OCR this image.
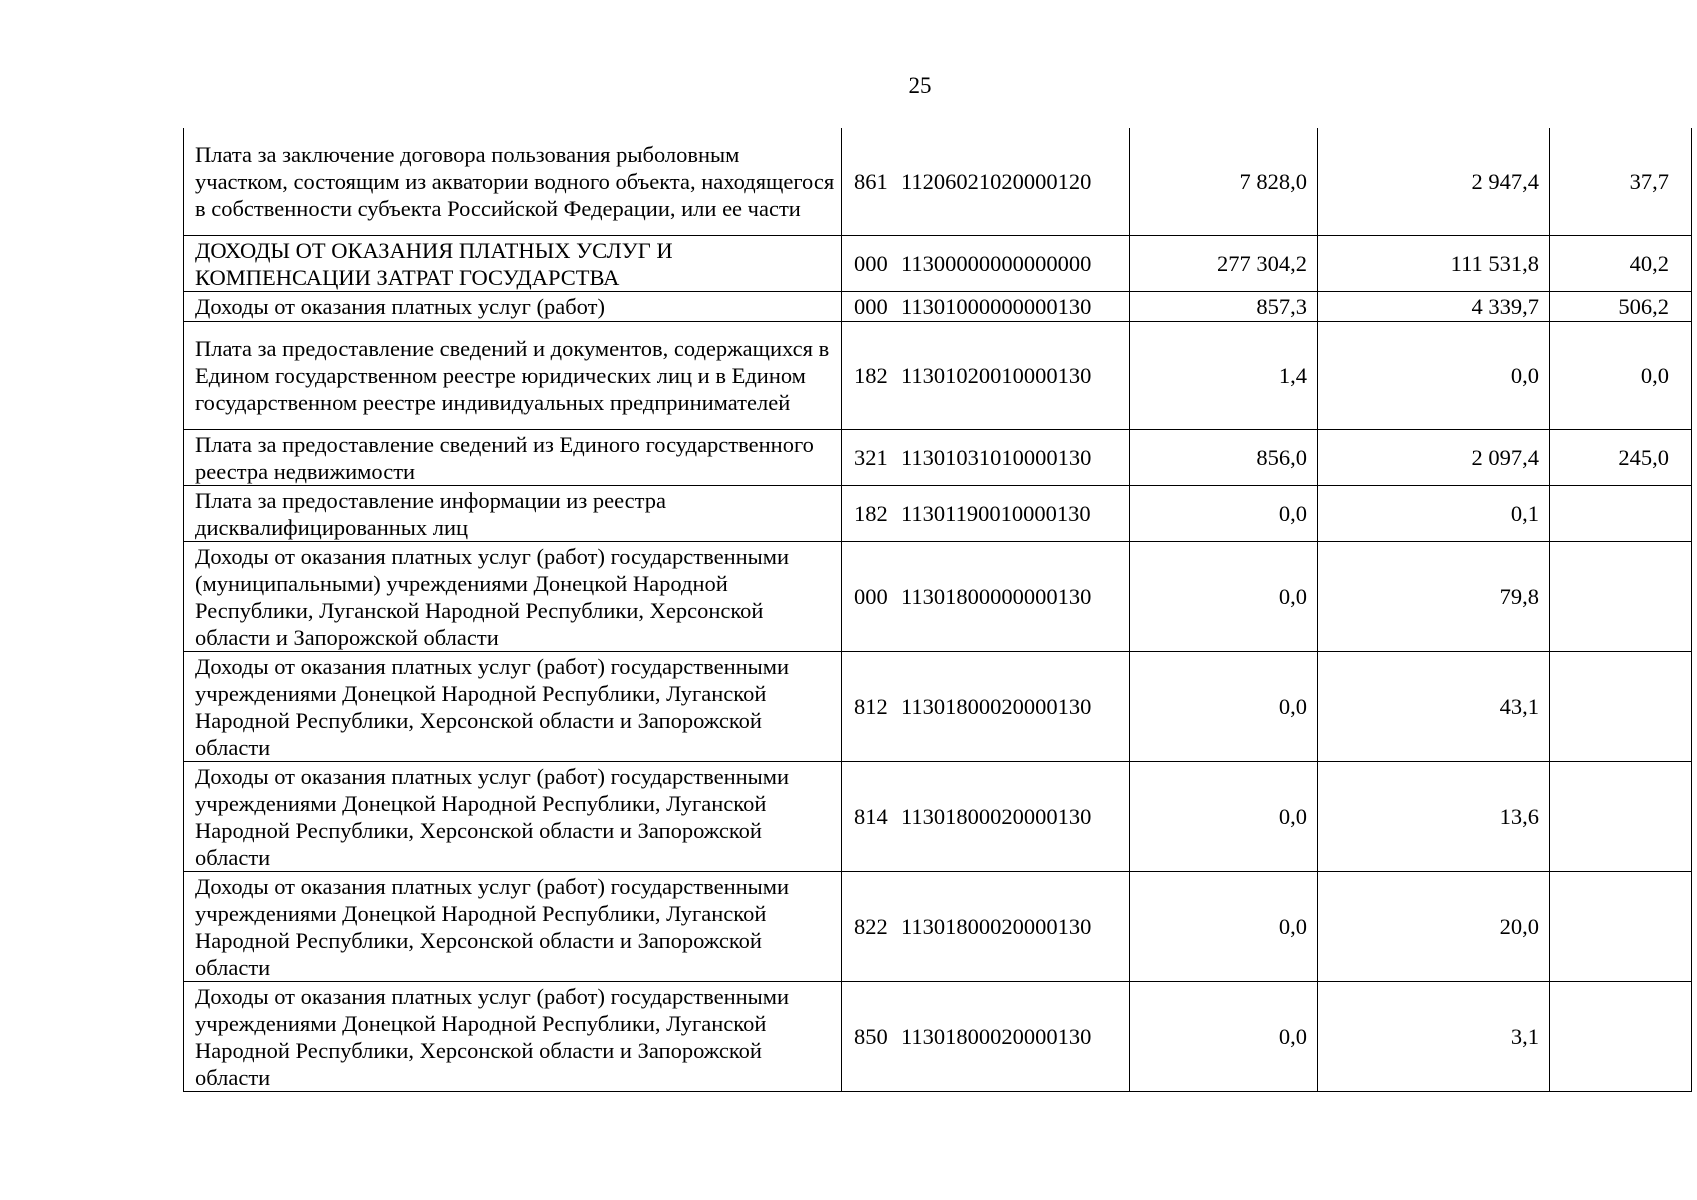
25
Плата за заключение договора пользования рыболовным участком, состоящим из акватории водного объекта, находящегося в собственности субъекта Российской Федерации, или ее части	861 11206021020000120	7 828,0	2 947,4	37,7
ДОХОДЫ ОТ ОКАЗАНИЯ ПЛАТНЫХ УСЛУГ И КОМПЕНСАЦИИ ЗАТРАТ ГОСУДАРСТВА	000 11300000000000000	277 304,2	111 531,8	40,2
Доходы от оказания платных услуг (работ)	000 11301000000000130	857,3	4 339,7	506,2
Плата за предоставление сведений и документов, содержащихся в Едином государственном реестре юридических лиц и в Едином государственном реестре индивидуальных предпринимателей	182 11301020010000130	1,4	0,0	0,0
Плата за предоставление сведений из Единого государственного реестра недвижимости	321 11301031010000130	856,0	2 097,4	245,0
Плата за предоставление информации из реестра дисквалифицированных лиц	182 11301190010000130	0,0	0,1	
Доходы от оказания платных услуг (работ) государственными (муниципальными) учреждениями Донецкой Народной Республики, Луганской Народной Республики, Херсонской области и Запорожской области	000 11301800000000130	0,0	79,8	
Доходы от оказания платных услуг (работ) государственными учреждениями Донецкой Народной Республики, Луганской Народной Республики, Херсонской области и Запорожской области	812 11301800020000130	0,0	43,1	
Доходы от оказания платных услуг (работ) государственными учреждениями Донецкой Народной Республики, Луганской Народной Республики, Херсонской области и Запорожской области	814 11301800020000130	0,0	13,6	
Доходы от оказания платных услуг (работ) государственными учреждениями Донецкой Народной Республики, Луганской Народной Республики, Херсонской области и Запорожской области	822 11301800020000130	0,0	20,0	
Доходы от оказания платных услуг (работ) государственными учреждениями Донецкой Народной Республики, Луганской Народной Республики, Херсонской области и Запорожской области	850 11301800020000130	0,0	3,1	
